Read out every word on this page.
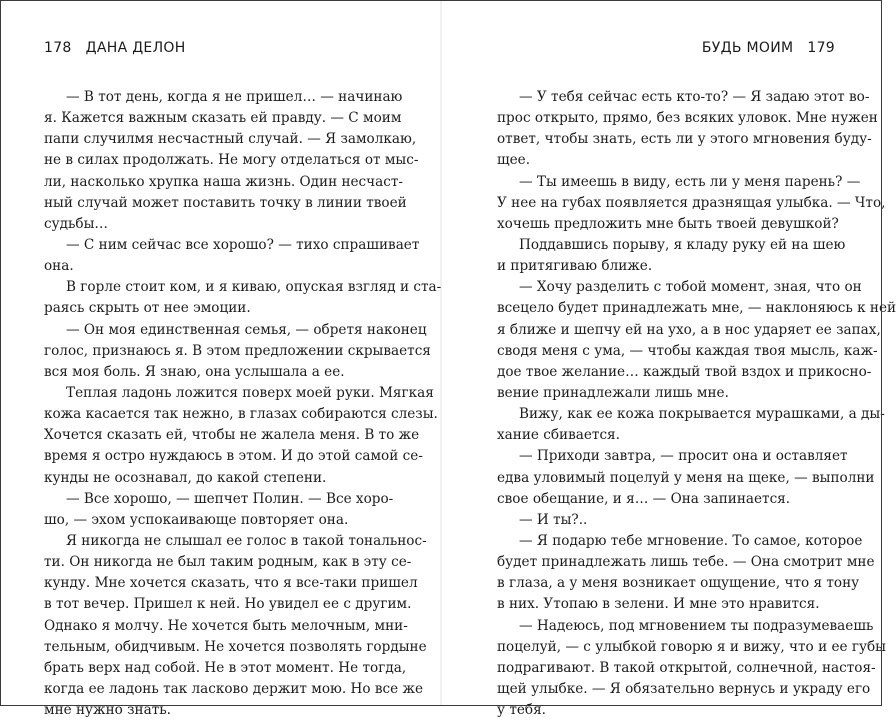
178 ДАНА ДЕЛОН
— В тот день, когда я не пришел… — начинаю
я. Кажется важным сказать ей правду. — С моим
папи случилмя несчастный случай. — Я замолкаю,
не в силах продолжать. Не могу отделаться от мыс-
ли, насколько хрупка наша жизнь. Один несчаст-
ный случай может поставить точку в линии твоей
судьбы…
— С ним сейчас все хорошо? — тихо спрашивает
она.
В горле стоит ком, и я киваю, опуская взгляд и ста-
раясь скрыть от нее эмоции.
— Он моя единственная семья, — обретя наконец
голос, признаюсь я. В этом предложении скрывается
вся моя боль. Я знаю, она услышала а ее.
Теплая ладонь ложится поверх моей руки. Мягкая
кожа касается так нежно, в глазах собираются слезы.
Хочется сказать ей, чтобы не жалела меня. В то же
время я остро нуждаюсь в этом. И до этой самой се-
кунды не осознавал, до какой степени.
— Все хорошо, — шепчет Полин. — Все хоро-
шо, — эхом успокаивающе повторяет она.
Я никогда не слышал ее голос в такой тональнос-
ти. Он никогда не был таким родным, как в эту се-
кунду. Мне хочется сказать, что я все-таки пришел
в тот вечер. Пришел к ней. Но увидел ее с другим.
Однако я молчу. Не хочется быть мелочным, мни-
тельным, обидчивым. Не хочется позволять гордыне
брать верх над собой. Не в этот момент. Не тогда,
когда ее ладонь так ласково держит мою. Но все же
мне нужно знать.
БУДЬ МОИМ 179
— У тебя сейчас есть кто-то? — Я задаю этот во-
прос открыто, прямо, без всяких уловок. Мне нужен
ответ, чтобы знать, есть ли у этого мгновения буду-
щее.
— Ты имеешь в виду, есть ли у меня парень? —
У нее на губах появляется дразнящая улыбка. — Что,
хочешь предложить мне быть твоей девушкой?
Поддавшись порыву, я кладу руку ей на шею
и притягиваю ближе.
— Хочу разделить с тобой момент, зная, что он
всецело будет принадлежать мне, — наклоняюсь к ней
я ближе и шепчу ей на ухо, а в нос ударяет ее запах,
сводя меня с ума, — чтобы каждая твоя мысль, каж-
дое твое желание… каждый твой вздох и прикосно-
вение принадлежали лишь мне.
Вижу, как ее кожа покрывается мурашками, а ды-
хание сбивается.
— Приходи завтра, — просит она и оставляет
едва уловимый поцелуй у меня на щеке, — выполни
свое обещание, и я… — Она запинается.
— И ты?..
— Я подарю тебе мгновение. То самое, которое
будет принадлежать лишь тебе. — Она смотрит мне
в глаза, а у меня возникает ощущение, что я тону
в них. Утопаю в зелени. И мне это нравится.
— Надеюсь, под мгновением ты подразумеваешь
поцелуй, — с улыбкой говорю я и вижу, что и ее губы
подрагивают. В такой открытой, солнечной, настоя-
щей улыбке. — Я обязательно вернусь и украду его
у тебя.
